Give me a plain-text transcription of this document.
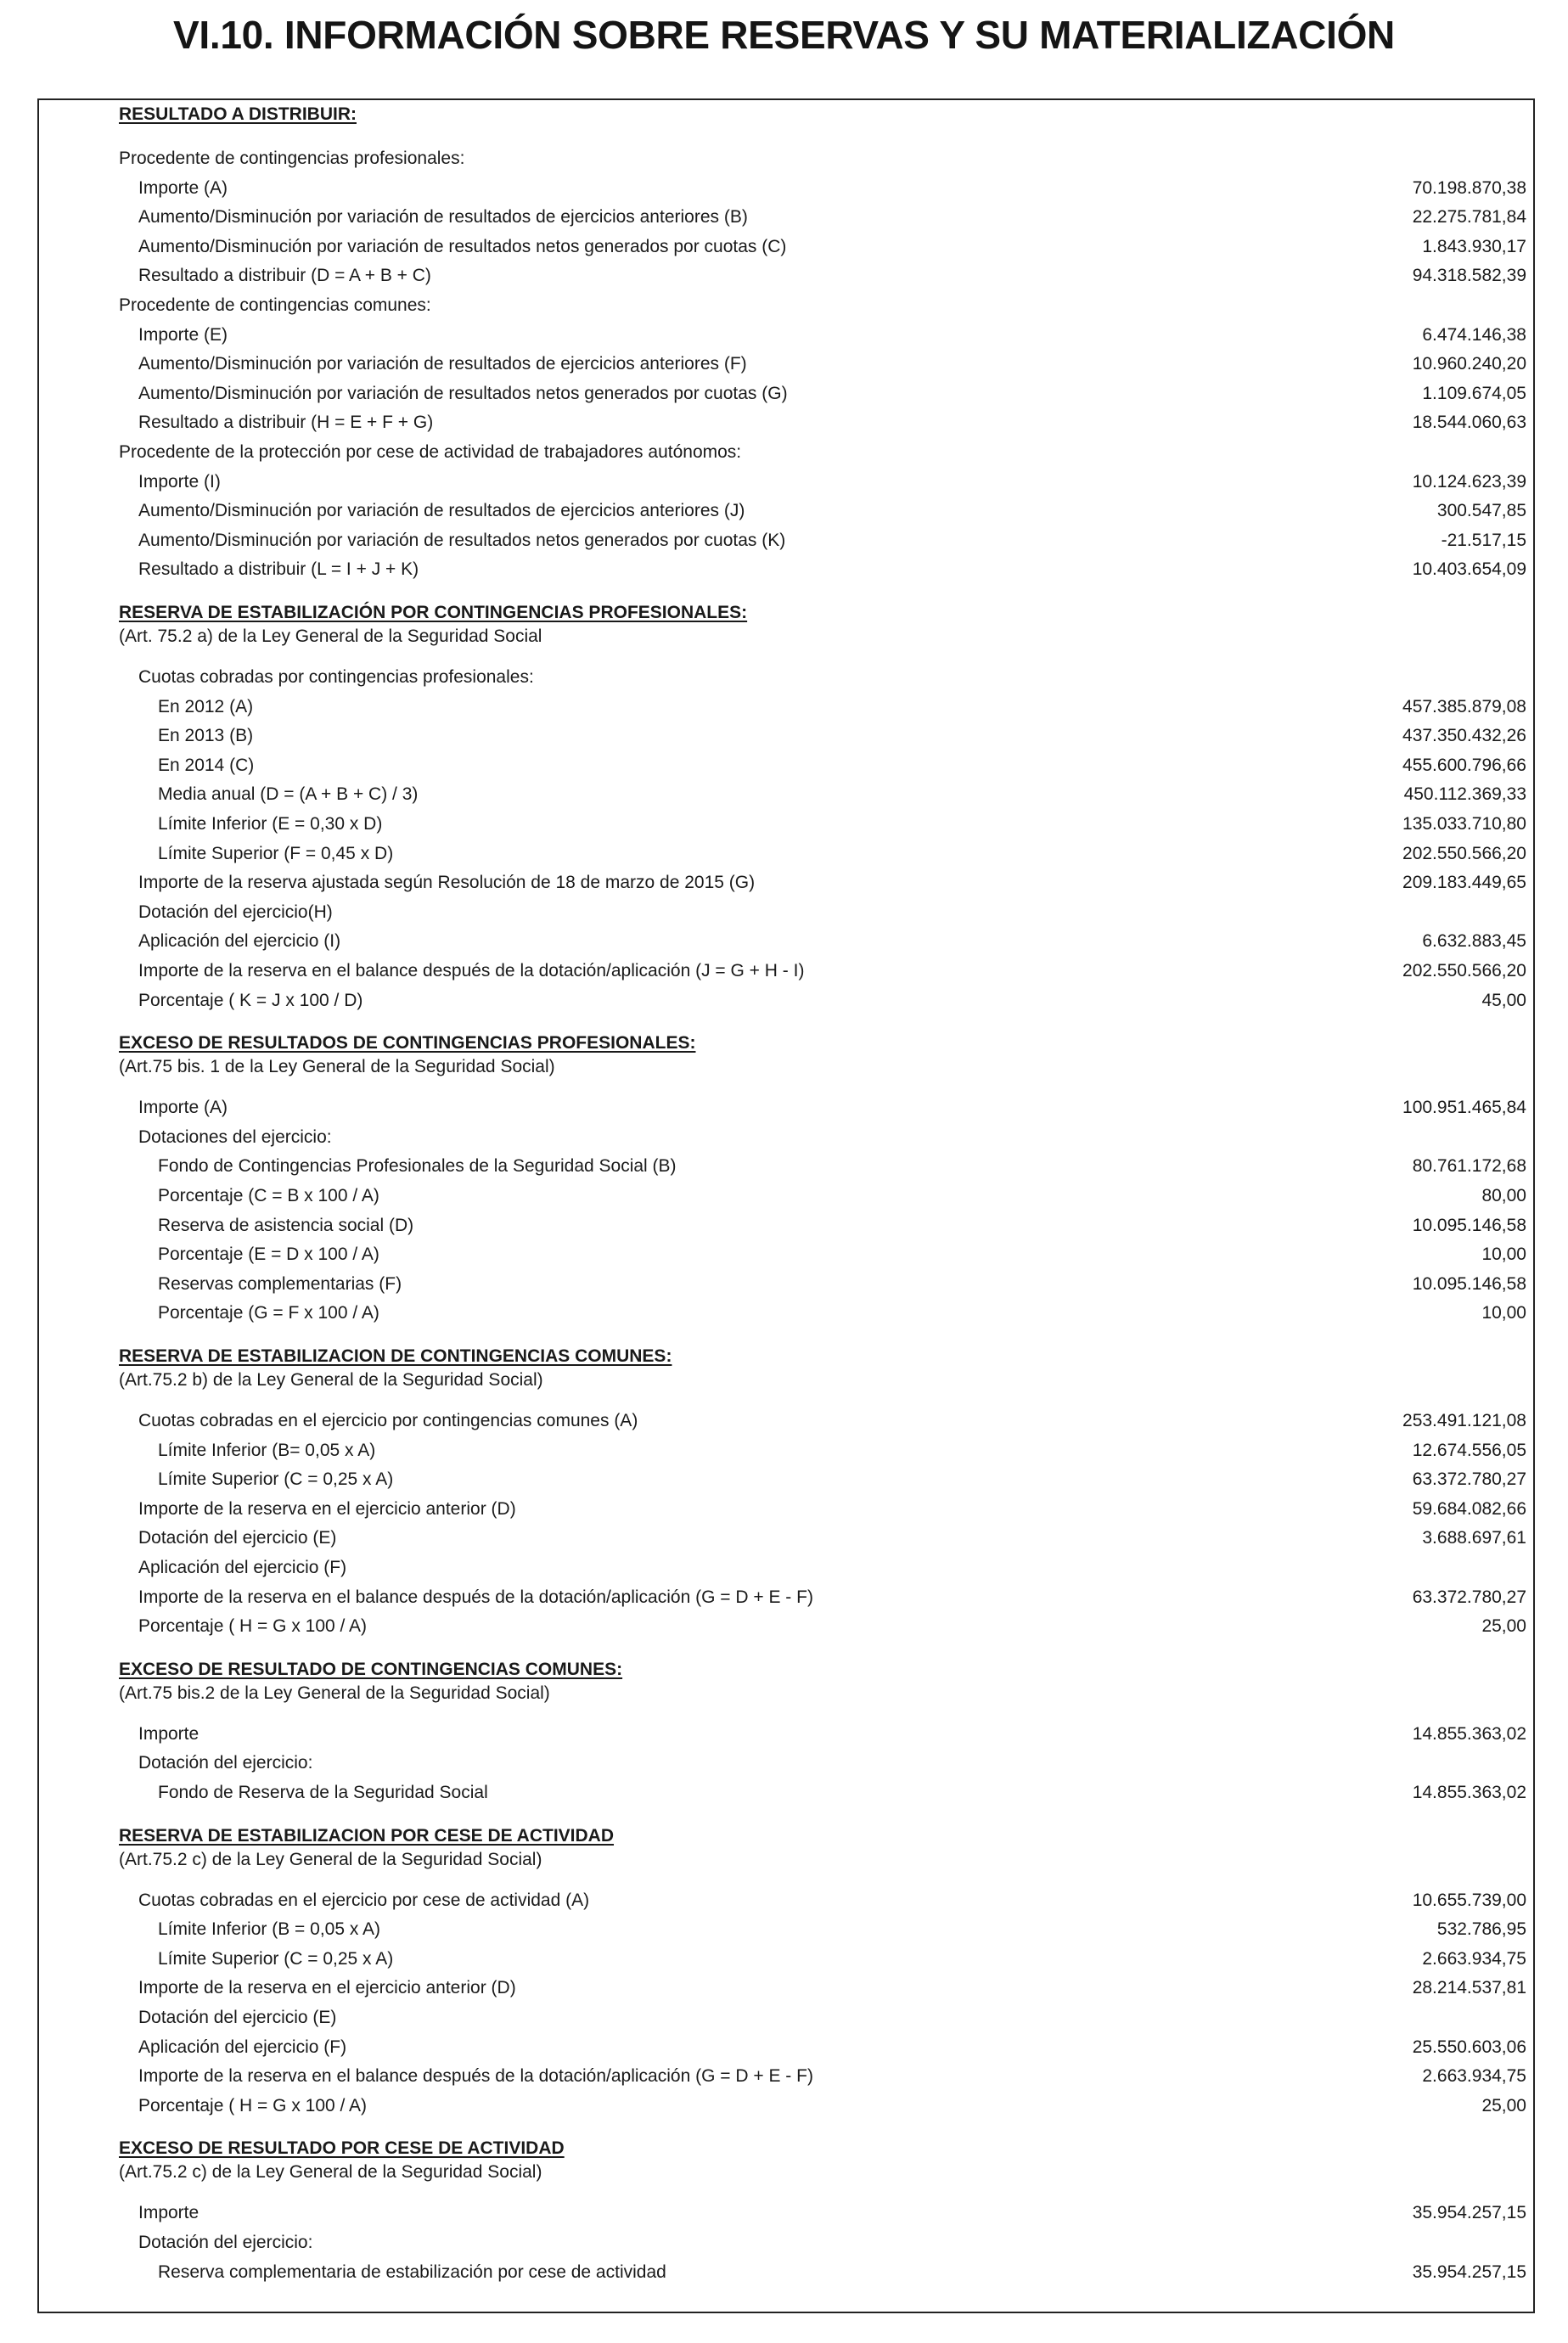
VI.10. INFORMACIÓN SOBRE RESERVAS Y SU MATERIALIZACIÓN
RESULTADO A DISTRIBUIR:
Procedente de contingencias profesionales:
Importe (A)	70.198.870,38
Aumento/Disminución por variación de resultados de ejercicios anteriores (B)	22.275.781,84
Aumento/Disminución por variación de resultados netos generados por cuotas (C)	1.843.930,17
Resultado a distribuir (D = A + B + C)	94.318.582,39
Procedente de contingencias comunes:
Importe (E)	6.474.146,38
Aumento/Disminución por variación de resultados de ejercicios anteriores (F)	10.960.240,20
Aumento/Disminución por variación de resultados netos generados por cuotas (G)	1.109.674,05
Resultado a distribuir (H = E + F + G)	18.544.060,63
Procedente de la protección por cese de actividad de trabajadores autónomos:
Importe (I)	10.124.623,39
Aumento/Disminución por variación de resultados de ejercicios anteriores (J)	300.547,85
Aumento/Disminución por variación de resultados netos generados por cuotas (K)	-21.517,15
Resultado a distribuir (L = I + J + K)	10.403.654,09
RESERVA DE ESTABILIZACIÓN POR CONTINGENCIAS PROFESIONALES:
(Art. 75.2 a) de la Ley General de la Seguridad Social
Cuotas cobradas por contingencias profesionales:
En 2012 (A)	457.385.879,08
En 2013 (B)	437.350.432,26
En 2014 (C)	455.600.796,66
Media anual (D = (A + B + C) / 3)	450.112.369,33
Límite Inferior (E = 0,30 x D)	135.033.710,80
Límite Superior (F = 0,45 x D)	202.550.566,20
Importe de la reserva ajustada según Resolución de 18 de marzo de 2015 (G)	209.183.449,65
Dotación del ejercicio(H)
Aplicación del ejercicio (I)	6.632.883,45
Importe de la reserva en el balance después de la dotación/aplicación (J = G + H - I)	202.550.566,20
Porcentaje ( K = J x 100 / D)	45,00
EXCESO DE RESULTADOS DE CONTINGENCIAS PROFESIONALES:
(Art.75 bis. 1 de la Ley General de la Seguridad Social)
Importe (A)	100.951.465,84
Dotaciones del ejercicio:
Fondo de Contingencias Profesionales de la Seguridad Social (B)	80.761.172,68
Porcentaje (C = B x 100 / A)	80,00
Reserva de asistencia social (D)	10.095.146,58
Porcentaje (E = D x 100 / A)	10,00
Reservas complementarias (F)	10.095.146,58
Porcentaje (G = F x 100 / A)	10,00
RESERVA DE ESTABILIZACION DE CONTINGENCIAS COMUNES:
(Art.75.2 b) de la Ley General de la Seguridad Social)
Cuotas cobradas en el ejercicio por contingencias comunes (A)	253.491.121,08
Límite Inferior (B= 0,05 x A)	12.674.556,05
Límite Superior (C = 0,25 x A)	63.372.780,27
Importe de la reserva en el ejercicio anterior (D)	59.684.082,66
Dotación del ejercicio (E)	3.688.697,61
Aplicación del ejercicio (F)
Importe de la reserva en el balance después de la dotación/aplicación (G = D + E - F)	63.372.780,27
Porcentaje ( H = G x 100 / A)	25,00
EXCESO DE RESULTADO DE CONTINGENCIAS COMUNES:
(Art.75 bis.2 de la Ley General de la Seguridad Social)
Importe	14.855.363,02
Dotación del ejercicio:
Fondo de Reserva de la Seguridad Social	14.855.363,02
RESERVA DE ESTABILIZACION POR CESE DE ACTIVIDAD
(Art.75.2 c) de la Ley General de la Seguridad Social)
Cuotas cobradas en el ejercicio por cese de actividad (A)	10.655.739,00
Límite Inferior (B = 0,05 x A)	532.786,95
Límite Superior (C = 0,25 x A)	2.663.934,75
Importe de la reserva en el ejercicio anterior (D)	28.214.537,81
Dotación del ejercicio (E)
Aplicación del ejercicio (F)	25.550.603,06
Importe de la reserva en el balance después de la dotación/aplicación (G = D + E - F)	2.663.934,75
Porcentaje ( H = G x 100 / A)	25,00
EXCESO DE RESULTADO POR CESE DE ACTIVIDAD
(Art.75.2 c) de la Ley General de la Seguridad Social)
Importe	35.954.257,15
Dotación del ejercicio:
Reserva complementaria de estabilización por cese de actividad	35.954.257,15
